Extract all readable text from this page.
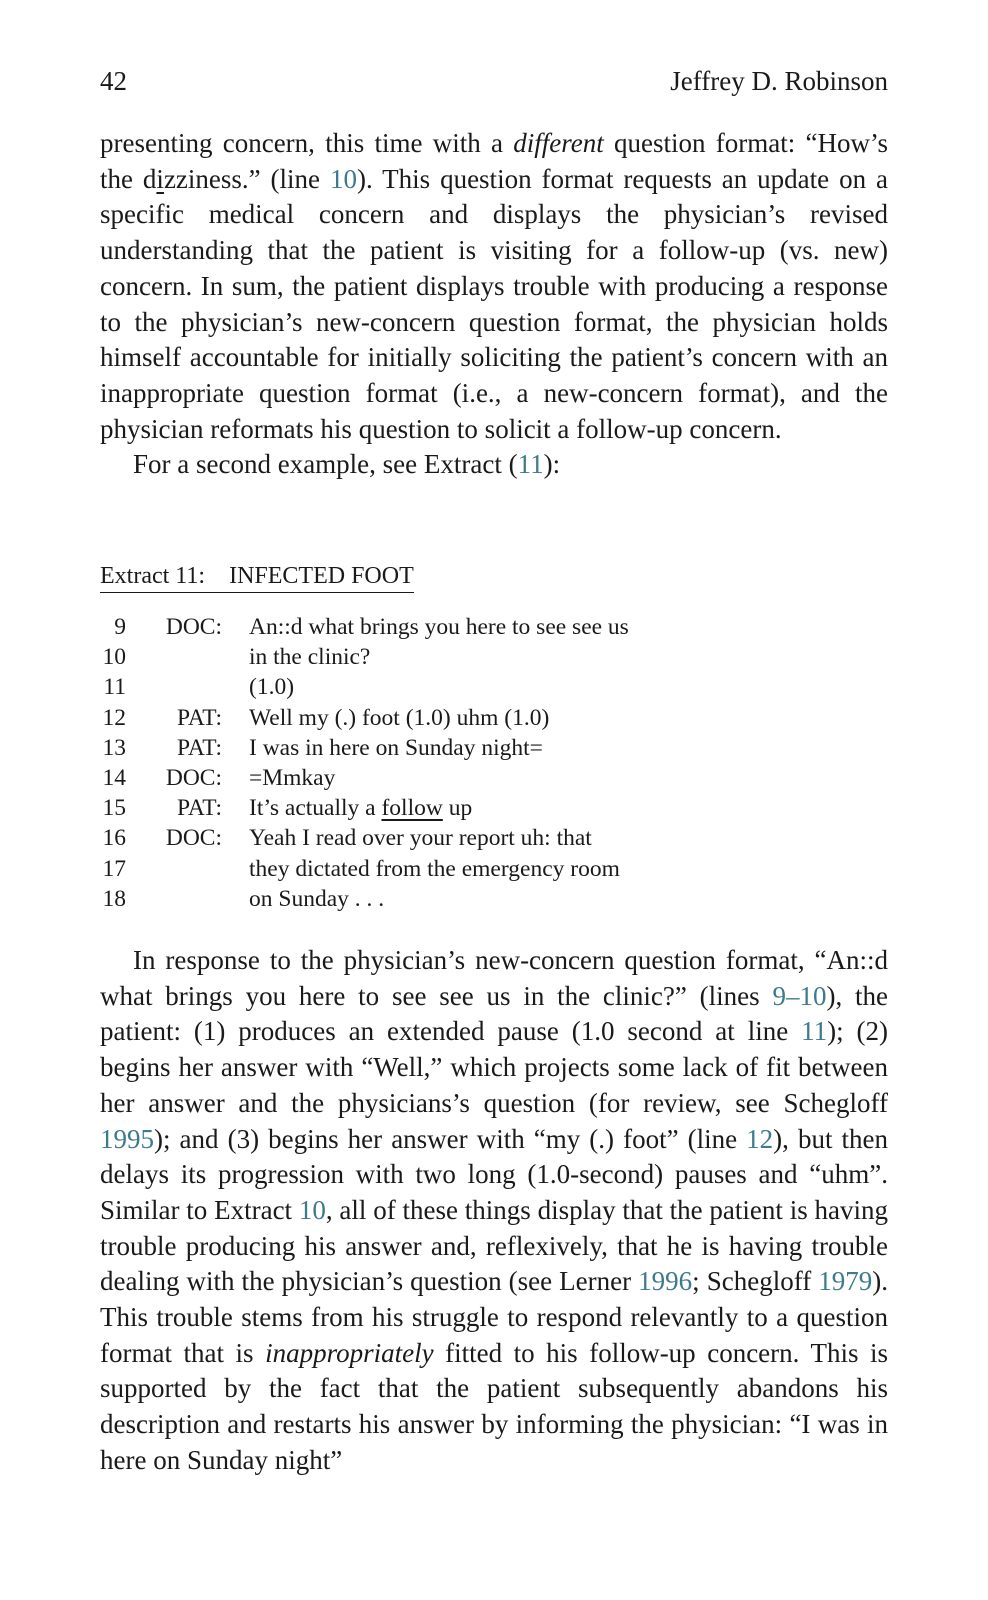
42	Jeffrey D. Robinson

presenting concern, this time with a different question format: “How’s the dizziness.” (line 10). This question format requests an update on a specific medical concern and displays the physician’s revised understanding that the patient is visiting for a follow-up (vs. new) concern. In sum, the patient displays trouble with producing a response to the physician’s new-concern question format, the physician holds himself accountable for initially soliciting the patient’s concern with an inappropriate question format (i.e., a new-concern format), and the physician reformats his question to solicit a follow-up concern.

For a second example, see Extract (11):

Extract 11: INFECTED FOOT
9	DOC: An::d what brings you here to see see us
10	in the clinic?
11	(1.0)
12	PAT: Well my (.) foot (1.0) uhm (1.0)
13	PAT: I was in here on Sunday night=
14	DOC: =Mmkay
15	PAT: It’s actually a follow up
16	DOC: Yeah I read over your report uh: that
17	they dictated from the emergency room
18	on Sunday . . .

In response to the physician’s new-concern question format, “An::d what brings you here to see see us in the clinic?” (lines 9–10), the patient: (1) produces an extended pause (1.0 second at line 11); (2) begins her answer with “Well,” which projects some lack of fit between her answer and the physicians’s question (for review, see Schegloff 1995); and (3) begins her answer with “my (.) foot” (line 12), but then delays its progression with two long (1.0-second) pauses and “uhm”. Similar to Extract 10, all of these things display that the patient is having trouble producing his answer and, reflexively, that he is having trouble dealing with the physician’s question (see Lerner 1996; Schegloff 1979). This trouble stems from his struggle to respond relevantly to a question format that is inappropriately fitted to his follow-up concern. This is supported by the fact that the patient subsequently abandons his description and restarts his answer by informing the physician: “I was in here on Sunday night”
